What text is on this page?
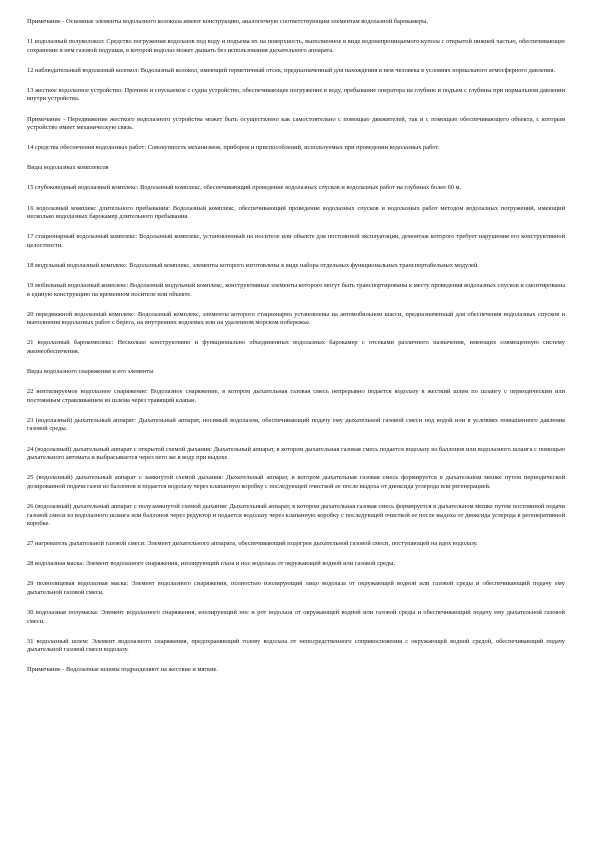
Примечание - Основные элементы водолазного колокола имеют конструкцию, аналогичную соответствующим элементам водолазной барокамеры.

11 водолазный полуколокол: Средство погружения водолазов под воду и подъема их на поверхность, выполненное в виде водонепроницаемого купола с открытой нижней частью, обеспечивающее сохранение в нем газовой подушки, в которой водолаз может дышать без использования дыхательного аппарата.

12 наблюдательный водолазный колокол: Водолазный колокол, имеющий герметичный отсек, предназначенный для нахождения в нем человека в условиях нормального атмосферного давления.

13 жесткое водолазное устройство: Прочное и спускаемое с судна устройство, обеспечивающее погружение в воду, пребывание оператора на глубине и подъем с глубины при нормальном давлении внутри устройства.

Примечание - Передвижение жесткого водолазного устройства может быть осуществлено как самостоятельно с помощью движителей, так и с помощью обеспечивающего объекта, с которым устройство имеет механическую связь.

14 средства обеспечения водолазных работ: Совокупность механизмов, приборов и приспособлений, используемых при проведении водолазных работ.

Виды водолазных комплексов

15 глубоководный водолазный комплекс: Водолазный комплекс, обеспечивающий проведение водолазных спусков и водолазных работ на глубинах более 60 м.

16 водолазный комплекс длительного пребывания: Водолазный комплекс, обеспечивающий проведение водолазных спусков и водолазных работ методом водолазных погружений, имеющий несколько водолазных барокамер длительного пребывания.

17 стационарный водолазный комплекс: Водолазный комплекс, установленный на носителе или объекте для постоянной эксплуатации, демонтаж которого требует нарушения его конструктивной целостности.

18 модульный водолазный комплекс: Водолазный комплекс, элементы которого изготовлены в виде набора отдельных функциональных транспортабельных модулей.

19 мобильный водолазный комплекс: Водолазный модульный комплекс, конструктивные элементы которого могут быть транспортированы к месту проведения водолазных спусков и смонтированы в единую конструкцию на временном носителе или объекте.

20 передвижной водолазный комплекс: Водолазный комплекс, элементы которого стационарно установлены на автомобильном шасси, предназначенный для обеспечения водолазных спусков и выполнения водолазных работ с берега, на внутренних водоемах или на удаленном морском побережье.

21 водолазный барокомплекс: Несколько конструктивно и функционально объединенных водолазных барокамер с отсеками различного назначения, имеющих совмещенную систему жизнеобеспечения.

Виды водолазного снаряжения и его элементы

22 вентилируемое водолазное снаряжение: Водолазное снаряжение, в котором дыхательная газовая смесь непрерывно подается водолазу в жесткий шлем по шлангу с периодическим или постоянным стравливанием из шлема через травящий клапан.

23 (водолазный) дыхательный аппарат: Дыхательный аппарат, носимый водолазом, обеспечивающий подачу ему дыхательной газовой смеси под водой или в условиях повышенного давления газовой среды.

24 (водолазный) дыхательный аппарат с открытой схемой дыхания: Дыхательный аппарат, в котором дыхательная газовая смесь подается водолазу из баллонов или водолазного шланга с помощью дыхательного автомата и выбрасывается через него же в воду при выдохе.

25 (водолазный) дыхательный аппарат с замкнутой схемой дыхания: Дыхательный аппарат, в котором дыхательная газовая смесь формируется в дыхательном мешке путем периодической дозированной подачи газов из баллонов и подается водолазу через клапанную коробку с последующей очисткой ее после выдоха от диоксида углерода или регенерацией.

26 (водолазный) дыхательный аппарат с полузамкнутой схемой дыхания: Дыхательный аппарат, в котором дыхательная газовая смесь формируется в дыхательном мешке путем постоянной подачи газовой смеси из водолазного шланга или баллонов через редуктор и подается водолазу через клапанную коробку с последующей очисткой ее после выдоха от диоксида углерода в регенеративной коробке.

27 нагреватель дыхательной газовой смеси: Элемент дыхательного аппарата, обеспечивающий подогрев дыхательной газовой смеси, поступающей на вдох водолазу.

28 водолазная маска: Элемент водолазного снаряжения, изолирующий глаза и нос водолаза от окружающей водной или газовой среды.

29 полнолицевая водолазная маска: Элемент водолазного снаряжения, полностью изолирующий лицо водолаза от окружающей водной или газовой среды и обеспечивающий подачу ему дыхательной газовой смеси.

30 водолазная полумаска: Элемент водолазного снаряжения, изолирующий нос и рот водолаза от окружающей водной или газовой среды и обеспечивающий подачу ему дыхательной газовой смеси.

31 водолазный шлем: Элемент водолазного снаряжения, предохраняющий голову водолаза от непосредственного соприкосновения с окружающей водной средой, обеспечивающий подачу дыхательной газовой смеси водолазу.

Примечание - Водолазные шлемы подразделяют на жесткие и мягкие.
